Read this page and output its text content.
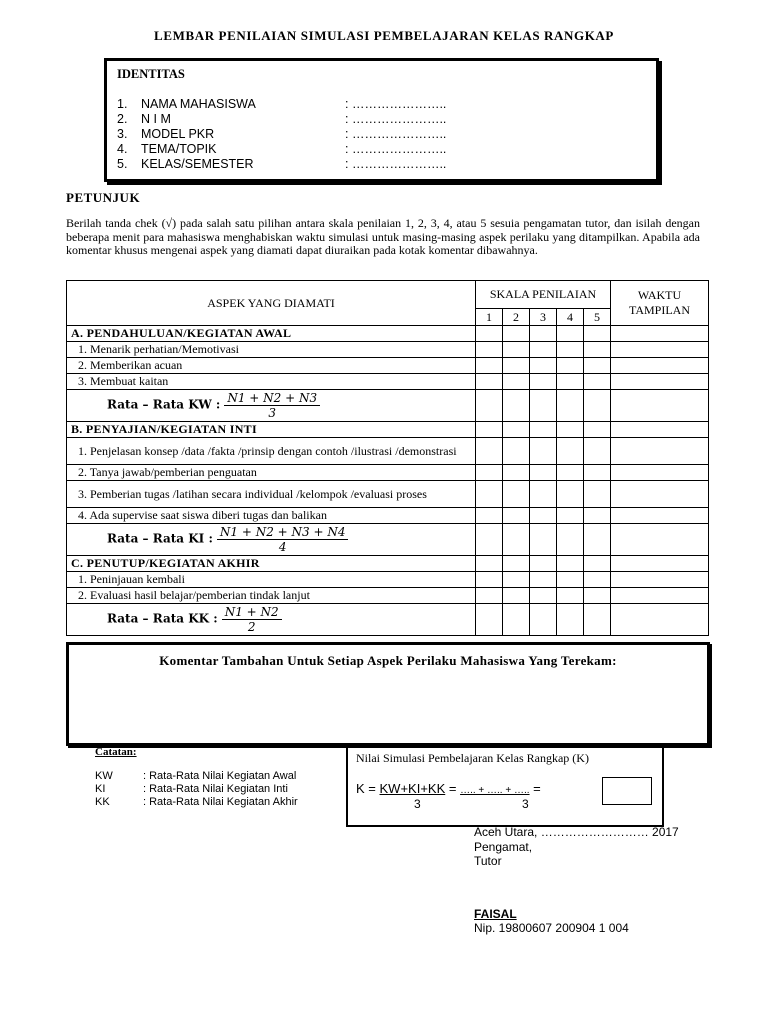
LEMBAR PENILAIAN SIMULASI PEMBELAJARAN KELAS RANGKAP
IDENTITAS
1. NAMA MAHASISWA	: …………………..
2. N I M	: …………………..
3. MODEL PKR	: …………………..
4. TEMA/TOPIK	: …………………..
5. KELAS/SEMESTER	: …………………..
PETUNJUK
Berilah tanda chek (√) pada salah satu pilihan antara skala penilaian 1, 2, 3, 4, atau 5 sesuia pengamatan tutor, dan isilah dengan beberapa menit para mahasiswa menghabiskan waktu simulasi untuk masing-masing aspek perilaku yang ditampilkan. Apabila ada komentar khusus mengenai aspek yang diamati dapat diuraikan pada kotak komentar dibawahnya.
ASPEK YANG DIAMATI	SKALA PENILAIAN					WAKTU TAMPILAN
	1	2	3	4	5	
A. PENDAHULUAN/KEGIATAN AWAL						
1. Menarik perhatian/Memotivasi						
2. Memberikan acuan						
3. Membuat kaitan						
Rata – Rata KW : $\frac{N1 + N2 + N3}{3}$

B. PENYAJIAN/KEGIATAN INTI						
1. Penjelasan konsep /data /fakta /prinsip dengan contoh /ilustrasi /demonstrasi						
2. Tanya jawab/pemberian penguatan						
3. Pemberian tugas /latihan secara individual /kelompok /evaluasi proses						
4. Ada supervise saat siswa diberi tugas dan balikan						
Rata – Rata KI : $\frac{N1 + N2 + N3 + N4}{4}$

C. PENUTUP/KEGIATAN AKHIR						
1. Peninjauan kembali						
2. Evaluasi hasil belajar/pemberian tindak lanjut						
Rata – Rata KK : $\frac{N1 + N2}{2}$

Komentar Tambahan Untuk Setiap Aspek Perilaku Mahasiswa Yang Terekam:
Catatan:
KW	: Rata-Rata Nilai Kegiatan Awal
KI	: Rata-Rata Nilai Kegiatan Inti
KK	: Rata-Rata Nilai Kegiatan Akhir
Nilai Simulasi Pembelajaran Kelas Rangkap (K)
K = KW+KI+KK = ….. + ….. + ….. =
3	3
Aceh Utara, ……………………… 2017
Pengamat,
Tutor
FAISAL
Nip. 19800607 200904 1 004
